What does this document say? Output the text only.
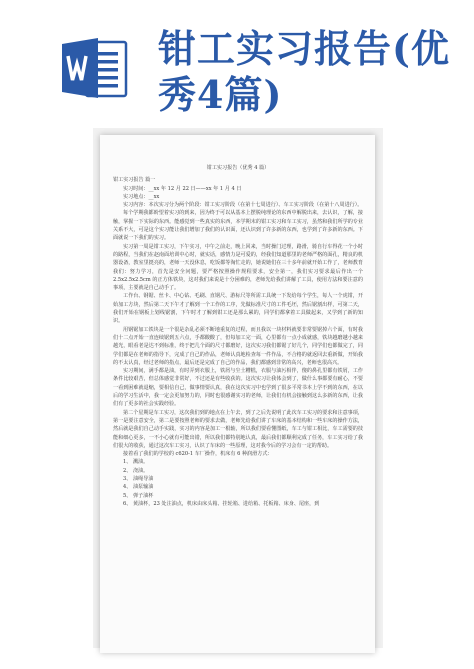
钳工实习报告(优
秀4篇)
钳工实习报告（优秀 4 篇）

钳工实习报告 篇一

实习时间：__xx 年 12 月 22 日——xx 年 1 月 4 日

实习地点：__xx

实习内容：本次实习分为两个阶段：钳工实习阶段（在第十七周进行）、车工实习阶段（在第十八周进行）。

每个学期我都盼望着实习的到来，因为终于可以从基本上摆脱纯理论的东西中解脱出来，去认识，了解，接触，掌握一下实际的东西。能感觉到一些真实的东西，本学期末的钳工实习和车工实习，虽然和我们所学的专业关系不大，可是这个实习能让我们增加了我们的认识面，还认识到了许多新的东西，也学到了许多新的东西。下面就说一下我们的实习。

实习第一周是钳工实习，下午实习，中午之前走，晚上回来，当时操门过理，路滑，骑自行车得花一个小时的路程，当我们在赵南面培训中心时，就实话，感情力是可爱的，经我们知道那里的老师严格的面孔，精良的机器设备，教室里挺亮的，老师一天没休息，吃饭都等淘忙走的，她说她们在三十多年前就开始工作了，老师教育我们：努力学习，首先是安全问题，要严格按照操作规程要求，安全第一，我们实习要求最后作出一个 2.5x2.5x2.5cm 的正方体铁块，这对我们来说是十分困难的，老师先给我们讲解了工具，使用方法和要注意的事项，主要就是自己动手了。

工作台、钢锯、丝卡、中心钻、毛刷、直钢尺、游标尺等所需工具统一下发给每个学生，每人一个虎钳，开始加工方块，然后第二天下午才了解到一个工作的工序，先做标准尺寸的工件毛坯，然后锯割出样，可第二天，我们开始在钢板上划线锯割，下午时才了解到钳工还是那么累的，同学们都拿着工具做起来，又学到了新的知识。

用钢锯加工铁块是一个很是杂乱必须不断地重复的过程，而且我以一块材料就要非常要锯掉六个面，有时我们十二点开始一直连续锯到五六点，手都酸酸了，但每加工完一面，心里都有一点小成就感，铁块越磨越小越来越光，眼看老是达不到标准，终于把几个面的尺寸都磨好，这次实习我们都锯了好几个，同学们也都做完了，同学们都是在老师的指导下，完成了自己的作品，老师认真地检查每一件作品，不合格的就返回去重新做，开始我的不太认真，经过老师的指点，最后还是完成了自己的作品，我们都感到非常的高兴，老师也很高兴。

实习期间，满手都是油，有时弄到衣服上，铁屑与尘土糟糕，衣服与油污相伴，傻的鼻孔里都有铁屑，工作条件比较艰苦，但总体感觉非常好，不过还是有些收获的。这次实习让我体会到了，做什么事都要有耐心，不要一看到困难就退缩，要相信自己，做事情要认真，我在这次实习中也学到了很多平常书本上学不到的东西，在以后的学习生活中，我一定会更加努力的，同时也很感谢实习的老师，让我们有机会接触到这么多新的东西，让我们有了更多的社会实践经验。

第二个星期是车工实习，这次我们到的地点在上午去，到了之后先说明了此次车工实习的要求和注意事项，第一是要注意安全，第二是要按照老师的要求去做，老师先给我们讲了车床的基本结构和一些车床的操作方法，然后就是我们自己动手实践，实习的内容是加工一根轴，所以我们要看懂图纸，车工与钳工相比，车工需要的技能和细心更多，一不小心就有可能出错，所以我们都特别地认真，最后我们都顺利完成了任务，车工实习给了我们很大的收获，通过这次车工实习，认识了车床的一些原理，这对我今后的学习会有一定的帮助。

接着看了我们的学校的 c620-1 车厂操作，机床有 6 种润滑方式：

1、 溅油。
2、 浇油。
3、 油绳导油
4、 油泵输油
5、 弹子油杯
6、 黄油杯，23 处注油点，机床由床头箱、挂轮箱、进给箱、托板箱、床身、尾座，到
